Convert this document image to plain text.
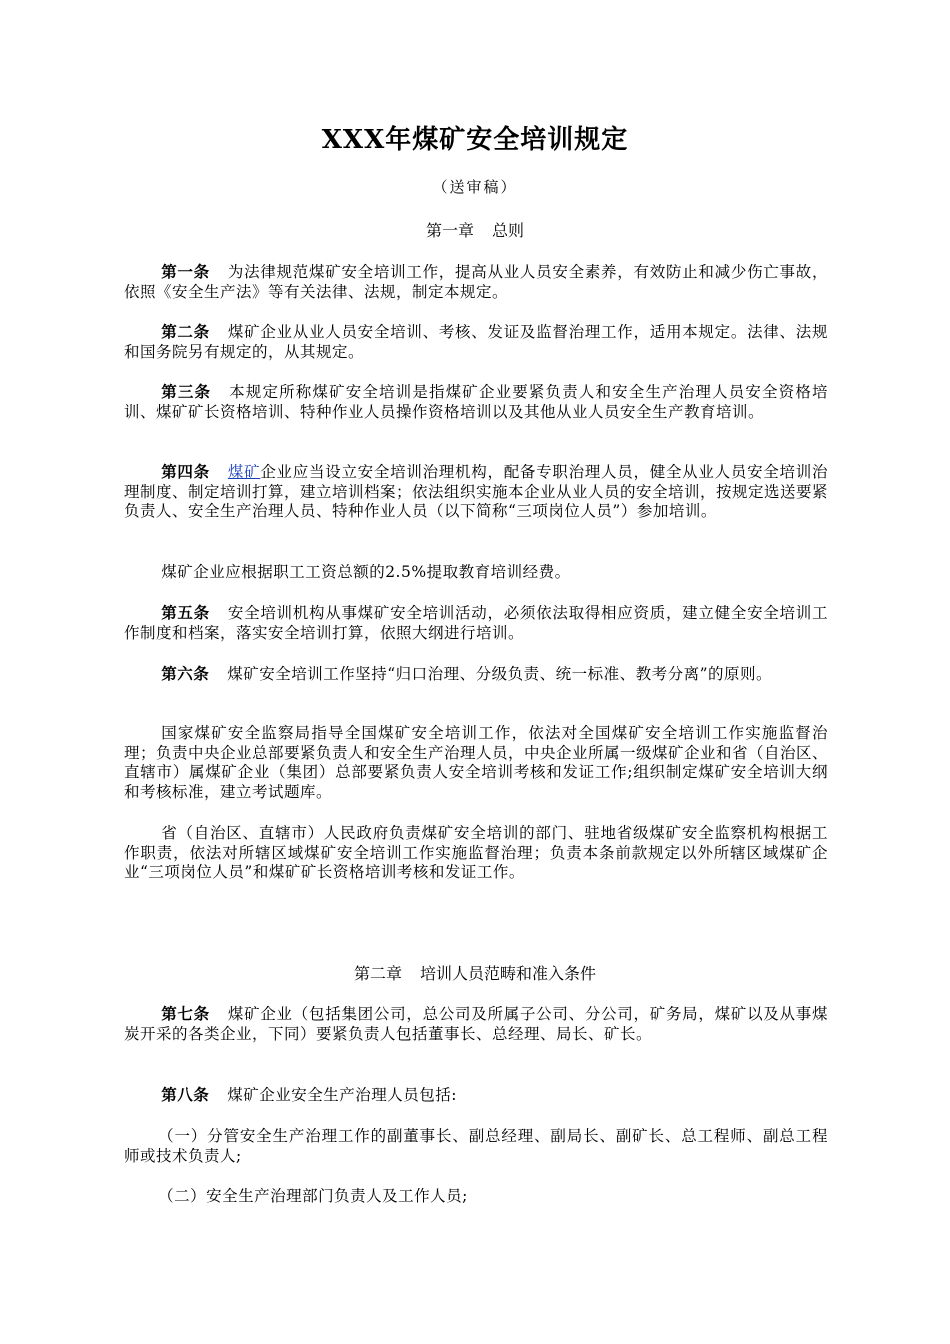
XXX年煤矿安全培训规定
（送审稿）
第一章 总则
第一条 为法律规范煤矿安全培训工作，提高从业人员安全素养，有效防止和减少伤亡事故，依照《安全生产法》等有关法律、法规，制定本规定。
第二条 煤矿企业从业人员安全培训、考核、发证及监督治理工作，适用本规定。法律、法规和国务院另有规定的，从其规定。
第三条 本规定所称煤矿安全培训是指煤矿企业要紧负责人和安全生产治理人员安全资格培训、煤矿矿长资格培训、特种作业人员操作资格培训以及其他从业人员安全生产教育培训。
第四条 煤矿企业应当设立安全培训治理机构，配备专职治理人员，健全从业人员安全培训治理制度、制定培训打算，建立培训档案；依法组织实施本企业从业人员的安全培训，按规定选送要紧负责人、安全生产治理人员、特种作业人员（以下简称“三项岗位人员”）参加培训。
煤矿企业应根据职工工资总额的2.5%提取教育培训经费。
第五条 安全培训机构从事煤矿安全培训活动，必须依法取得相应资质，建立健全安全培训工作制度和档案，落实安全培训打算，依照大纲进行培训。
第六条 煤矿安全培训工作坚持“归口治理、分级负责、统一标准、教考分离”的原则。
国家煤矿安全监察局指导全国煤矿安全培训工作，依法对全国煤矿安全培训工作实施监督治理；负责中央企业总部要紧负责人和安全生产治理人员，中央企业所属一级煤矿企业和省（自治区、直辖市）属煤矿企业（集团）总部要紧负责人安全培训考核和发证工作;组织制定煤矿安全培训大纲和考核标准，建立考试题库。
省（自治区、直辖市）人民政府负责煤矿安全培训的部门、驻地省级煤矿安全监察机构根据工作职责，依法对所辖区域煤矿安全培训工作实施监督治理；负责本条前款规定以外所辖区域煤矿企业“三项岗位人员”和煤矿矿长资格培训考核和发证工作。
第二章 培训人员范畴和准入条件
第七条 煤矿企业（包括集团公司，总公司及所属子公司、分公司，矿务局，煤矿以及从事煤炭开采的各类企业，下同）要紧负责人包括董事长、总经理、局长、矿长。
第八条 煤矿企业安全生产治理人员包括:
（一）分管安全生产治理工作的副董事长、副总经理、副局长、副矿长、总工程师、副总工程师或技术负责人;
（二）安全生产治理部门负责人及工作人员;
